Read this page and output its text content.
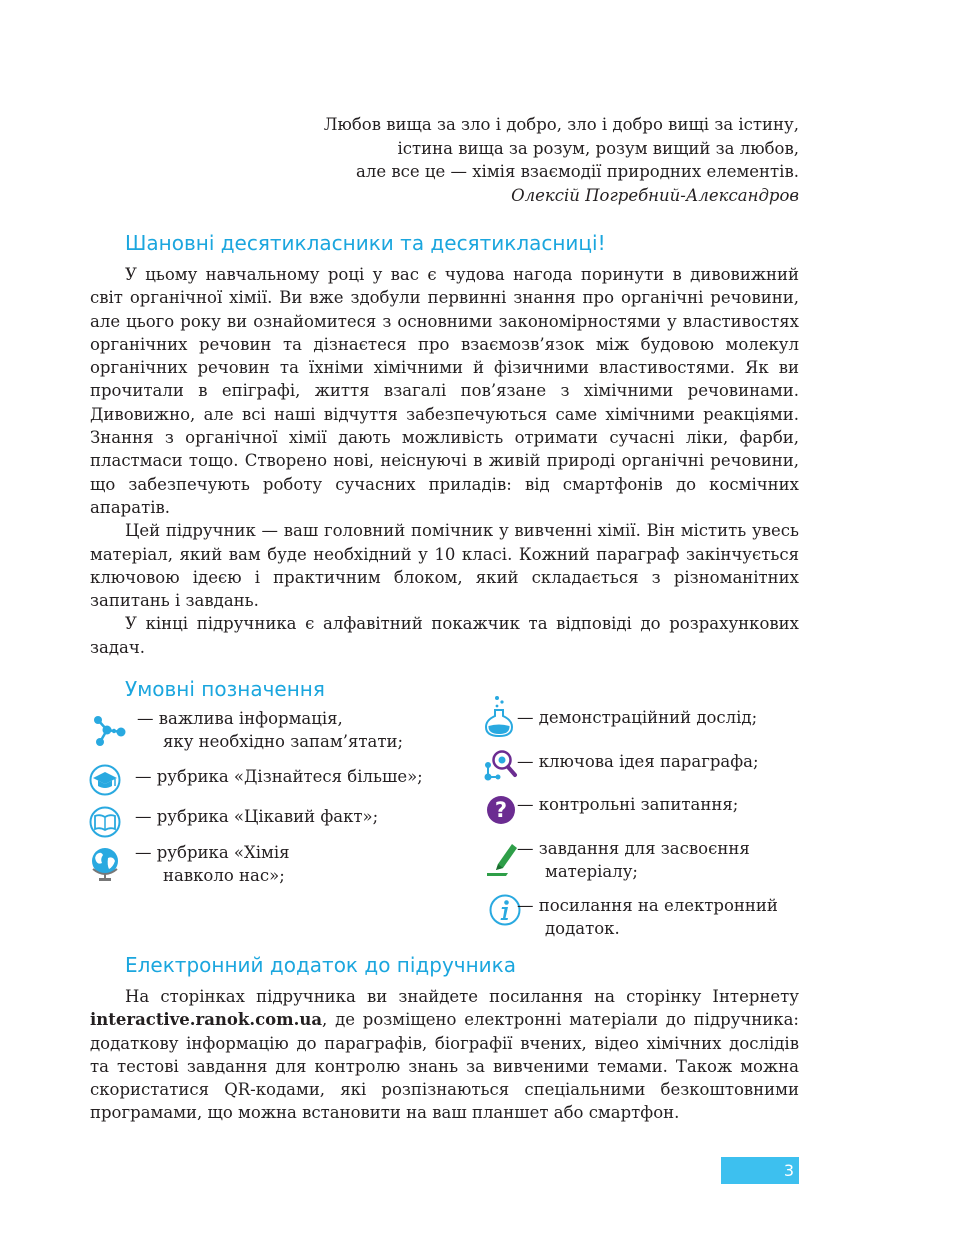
Любов вища за зло і добро, зло і добро вищі за істину,
істина вища за розум, розум вищий за любов,
але все це — хімія взаємодії природних елементів.
Олексій Погребний-Александров
Шановні десятикласники та десятикласниці!

У цьому навчальному році у вас є чудова нагода поринути в дивовижний світ органічної хімії. Ви вже здобули первинні знання про органічні речовини, але цього року ви ознайомитеся з основними закономірностями у властивостях органічних речовин та дізнаєтеся про взаємозв’язок між будовою молекул органічних речовин та їхніми хімічними й фізичними властивостями. Як ви прочитали в епіграфі, життя взагалі пов’язане з хімічними речовинами. Дивовижно, але всі наші відчуття забезпечуються саме хімічними реакціями. Знання з органічної хімії дають можливість отримати сучасні ліки, фарби, пластмаси тощо. Створено нові, неіснуючі в живій природі органічні речовини, що забезпечують роботу сучасних приладів: від смартфонів до космічних апаратів.

Цей підручник — ваш головний помічник у вивченні хімії. Він містить увесь матеріал, який вам буде необхідний у 10 класі. Кожний параграф закінчується ключовою ідеєю і практичним блоком, який складається з різноманітних запитань і завдань.

У кінці підручника є алфавітний покажчик та відповіді до розрахункових задач.

Умовні позначення
— важлива інформація,
яку необхідно запам’ятати;
— рубрика «Дізнайтеся більше»;
— рубрика «Цікавий факт»;
— рубрика «Хімія
навколо нас»;
— демонстраційний дослід;
— ключова ідея параграфа;
? — контрольні запитання;
— завдання для засвоєння
матеріалу;
— посилання на електронний
додаток.
Електронний додаток до підручника

На сторінках підручника ви знайдете посилання на сторінку Інтернету interactive.ranok.com.ua, де розміщено електронні матеріали до підручника: додаткову інформацію до параграфів, біографії вчених, відео хімічних дослідів та тестові завдання для контролю знань за вивченими темами. Також можна скористатися QR-кодами, які розпізнаються спеціальними безкоштовними програмами, що можна встановити на ваш планшет або смартфон.

3
